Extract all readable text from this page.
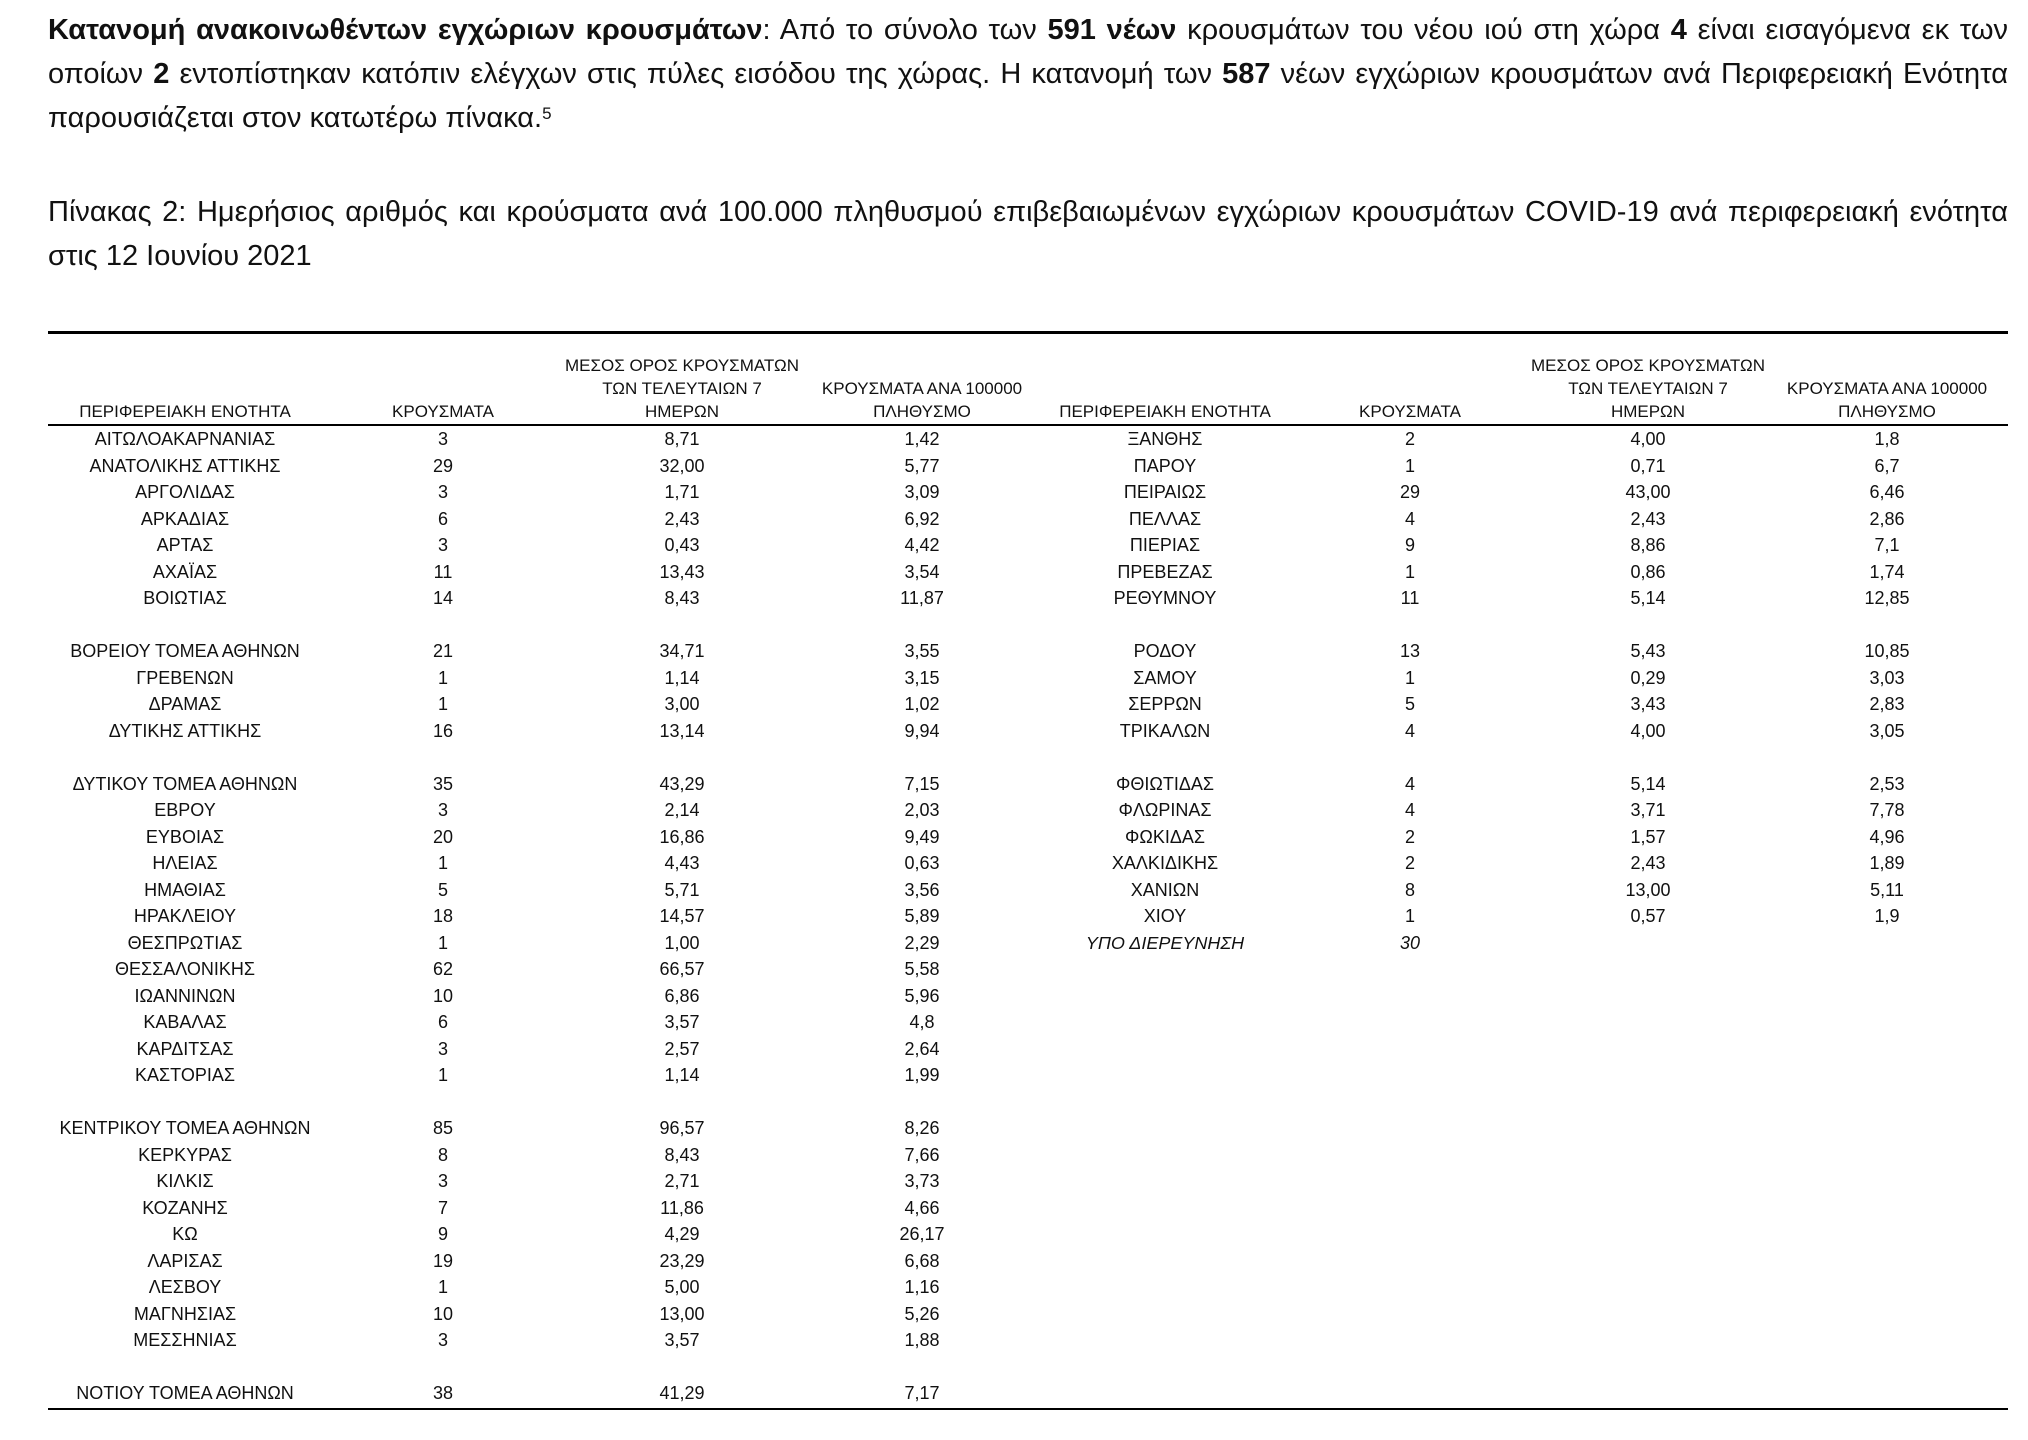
Κατανομή ανακοινωθέντων εγχώριων κρουσμάτων: Από το σύνολο των 591 νέων κρουσμάτων του νέου ιού στη χώρα 4 είναι εισαγόμενα εκ των οποίων 2 εντοπίστηκαν κατόπιν ελέγχων στις πύλες εισόδου της χώρας. Η κατανομή των 587 νέων εγχώριων κρουσμάτων ανά Περιφερειακή Ενότητα παρουσιάζεται στον κατωτέρω πίνακα.$^5$

Πίνακας 2: Ημερήσιος αριθμός και κρούσματα ανά 100.000 πληθυσμού επιβεβαιωμένων εγχώριων κρουσμάτων COVID-19 ανά περιφερειακή ενότητα στις 12 Ιουνίου 2021

ΠΕΡΙΦΕΡΕΙΑΚΗ ΕΝΟΤΗΤΑ	ΚΡΟΥΣΜΑΤΑ
ΜΕΣΟΣ ΟΡΟΣ ΚΡΟΥΣΜΑΤΩΝ
ΤΩΝ ΤΕΛΕΥΤΑΙΩΝ 7
ΗΜΕΡΩΝ
ΚΡΟΥΣΜΑΤΑ ΑΝΑ 100000
ΠΛΗΘΥΣΜΟ	ΠΕΡΙΦΕΡΕΙΑΚΗ ΕΝΟΤΗΤΑ	ΚΡΟΥΣΜΑΤΑ
ΜΕΣΟΣ ΟΡΟΣ ΚΡΟΥΣΜΑΤΩΝ
ΤΩΝ ΤΕΛΕΥΤΑΙΩΝ 7
ΗΜΕΡΩΝ
ΚΡΟΥΣΜΑΤΑ ΑΝΑ 100000
ΠΛΗΘΥΣΜΟ
ΑΙΤΩΛΟΑΚΑΡΝΑΝΙΑΣ	3	8,71	1,42
ΑΝΑΤΟΛΙΚΗΣ ΑΤΤΙΚΗΣ	29	32,00	5,77
ΑΡΓΟΛΙΔΑΣ	3	1,71	3,09
ΑΡΚΑΔΙΑΣ	6	2,43	6,92
ΑΡΤΑΣ	3	0,43	4,42
ΑΧΑΪΑΣ	11	13,43	3,54
ΒΟΙΩΤΙΑΣ	14	8,43	11,87
ΒΟΡΕΙΟΥ ΤΟΜΕΑ ΑΘΗΝΩΝ	21	34,71	3,55
ΓΡΕΒΕΝΩΝ	1	1,14	3,15
ΔΡΑΜΑΣ	1	3,00	1,02
ΔΥΤΙΚΗΣ ΑΤΤΙΚΗΣ	16	13,14	9,94
ΔΥΤΙΚΟΥ ΤΟΜΕΑ ΑΘΗΝΩΝ	35	43,29	7,15
ΕΒΡΟΥ	3	2,14	2,03
ΕΥΒΟΙΑΣ	20	16,86	9,49
ΗΛΕΙΑΣ	1	4,43	0,63
ΗΜΑΘΙΑΣ	5	5,71	3,56
ΗΡΑΚΛΕΙΟΥ	18	14,57	5,89
ΘΕΣΠΡΩΤΙΑΣ	1	1,00	2,29
ΘΕΣΣΑΛΟΝΙΚΗΣ	62	66,57	5,58
ΙΩΑΝΝΙΝΩΝ	10	6,86	5,96
ΚΑΒΑΛΑΣ	6	3,57	4,8
ΚΑΡΔΙΤΣΑΣ	3	2,57	2,64
ΚΑΣΤΟΡΙΑΣ	1	1,14	1,99
ΚΕΝΤΡΙΚΟΥ ΤΟΜΕΑ ΑΘΗΝΩΝ	85	96,57	8,26
ΚΕΡΚΥΡΑΣ	8	8,43	7,66
ΚΙΛΚΙΣ	3	2,71	3,73
ΚΟΖΑΝΗΣ	7	11,86	4,66
ΚΩ	9	4,29	26,17
ΛΑΡΙΣΑΣ	19	23,29	6,68
ΛΕΣΒΟΥ	1	5,00	1,16
ΜΑΓΝΗΣΙΑΣ	10	13,00	5,26
ΜΕΣΣΗΝΙΑΣ	3	3,57	1,88
ΝΟΤΙΟΥ ΤΟΜΕΑ ΑΘΗΝΩΝ	38	41,29	7,17
ΞΑΝΘΗΣ	2	4,00	1,8
ΠΑΡΟΥ	1	0,71	6,7
ΠΕΙΡΑΙΩΣ	29	43,00	6,46
ΠΕΛΛΑΣ	4	2,43	2,86
ΠΙΕΡΙΑΣ	9	8,86	7,1
ΠΡΕΒΕΖΑΣ	1	0,86	1,74
ΡΕΘΥΜΝΟΥ	11	5,14	12,85
ΡΟΔΟΥ	13	5,43	10,85
ΣΑΜΟΥ	1	0,29	3,03
ΣΕΡΡΩΝ	5	3,43	2,83
ΤΡΙΚΑΛΩΝ	4	4,00	3,05
ΦΘΙΩΤΙΔΑΣ	4	5,14	2,53
ΦΛΩΡΙΝΑΣ	4	3,71	7,78
ΦΩΚΙΔΑΣ	2	1,57	4,96
ΧΑΛΚΙΔΙΚΗΣ	2	2,43	1,89
ΧΑΝΙΩΝ	8	13,00	5,11
ΧΙΟΥ	1	0,57	1,9
ΥΠΟ ΔΙΕΡΕΥΝΗΣΗ	30
